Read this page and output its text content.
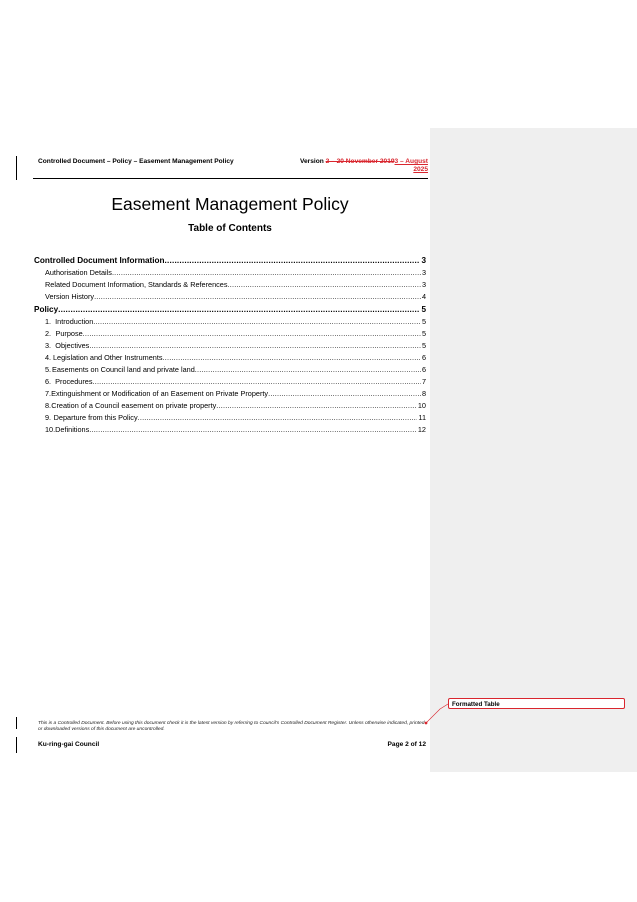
Controlled Document – Policy – Easement Management Policy	Version 2 – 20 November 20193 – August
2025
Easement Management Policy
Table of Contents
Controlled Document Information .....	3
Authorisation Details .....	3
Related Document Information, Standards & References .....	3
Version History .....	4
Policy .....	5
1. Introduction .....	5
2. Purpose .....	5
3. Objectives .....	5
4. Legislation and Other Instruments .....	6
5. Easements on Council land and private land .....	6
6. Procedures .....	7
7. Extinguishment or Modification of an Easement on Private Property .....	8
8. Creation of a Council easement on private property .....	10
9. Departure from this Policy .....	11
10. Definitions .....	12
This is a Controlled Document. Before using this document check it is the latest version by referring to Council's Controlled Document Register. Unless otherwise indicated, printed or downloaded versions of this document are uncontrolled.
Ku-ring-gai Council	Page 2 of 12
Formatted Table
